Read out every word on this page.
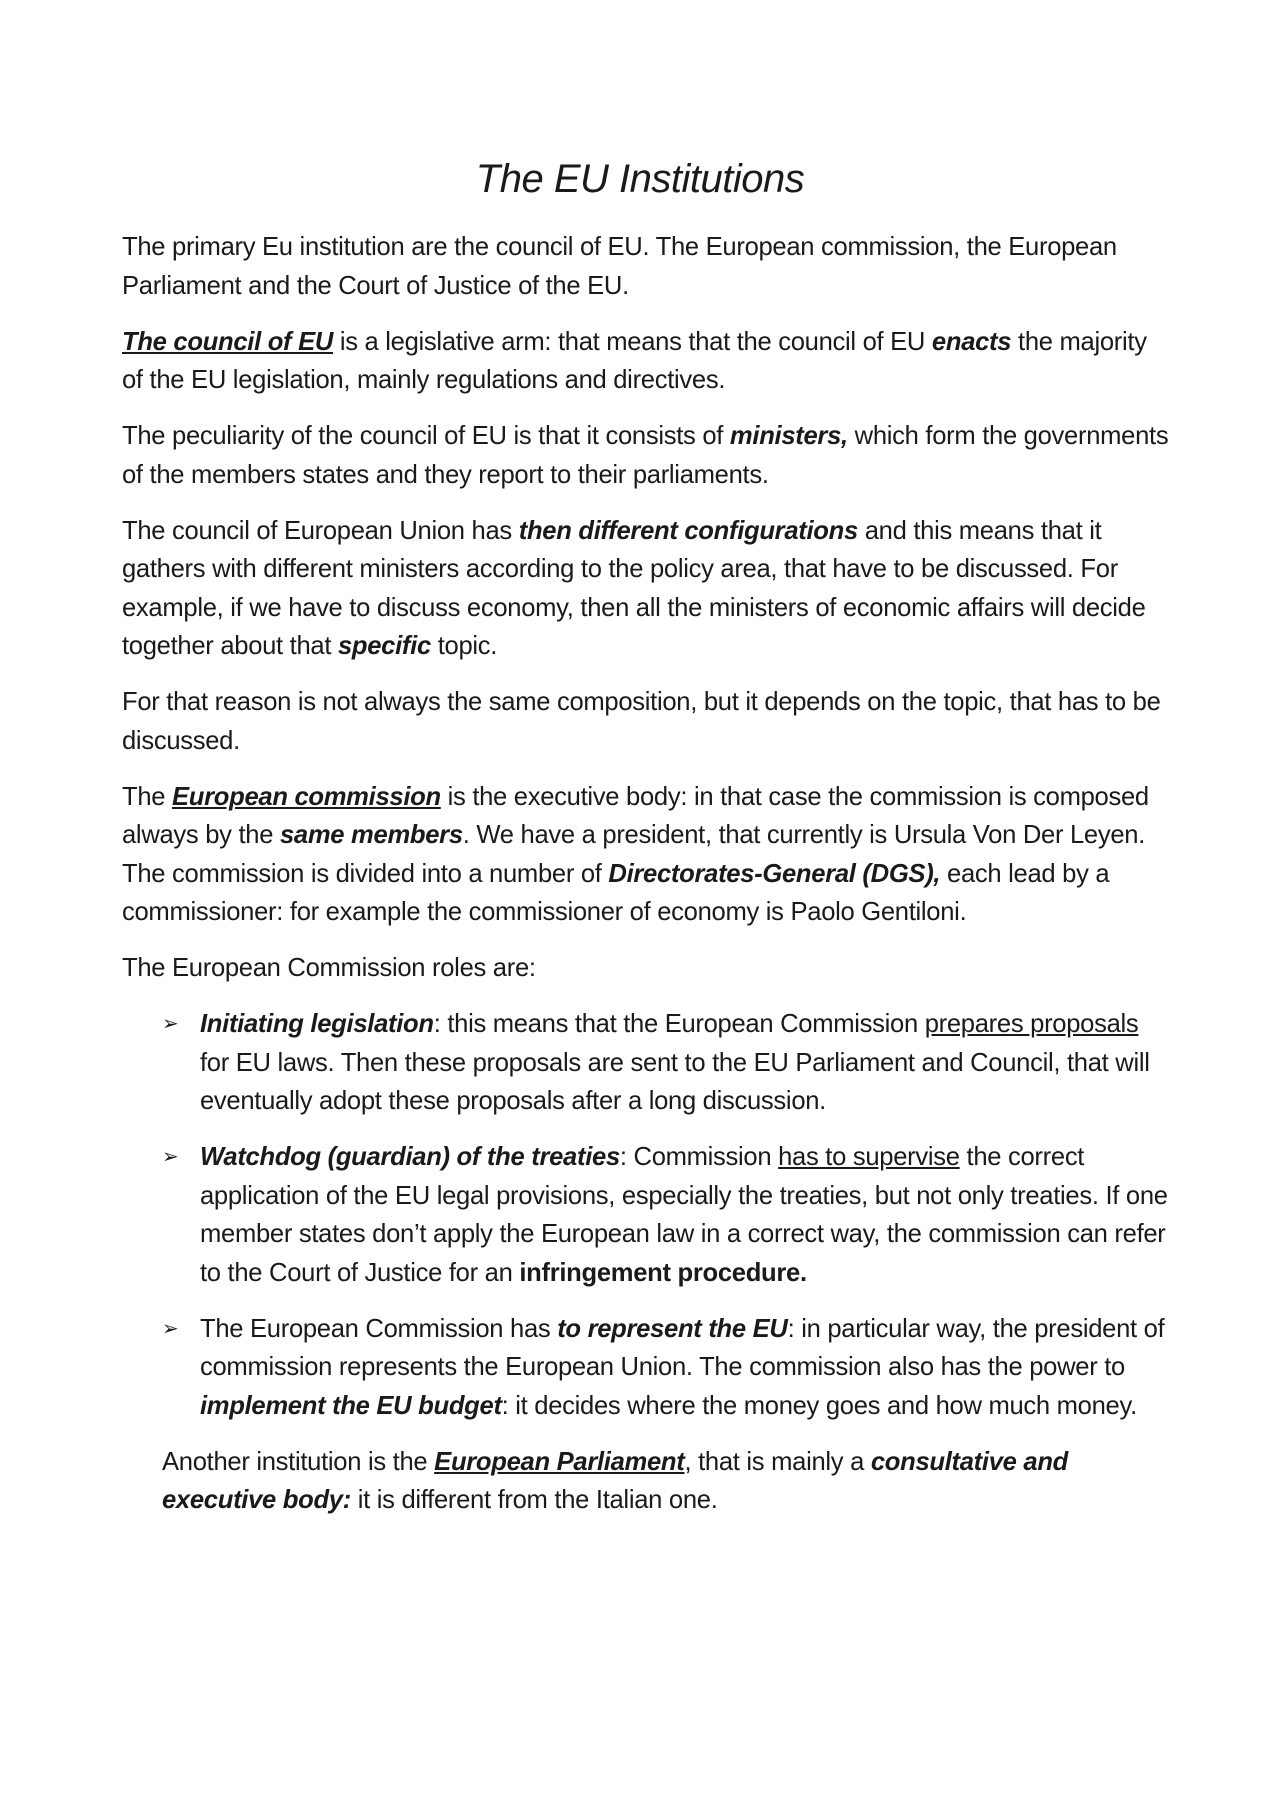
The EU Institutions

The primary Eu institution are the council of EU. The European commission, the European Parliament and the Court of Justice of the EU.

The council of EU is a legislative arm: that means that the council of EU enacts the majority of the EU legislation, mainly regulations and directives.

The peculiarity of the council of EU is that it consists of ministers, which form the governments of the members states and they report to their parliaments.

The council of European Union has then different configurations and this means that it gathers with different ministers according to the policy area, that have to be discussed. For example, if we have to discuss economy, then all the ministers of economic affairs will decide together about that specific topic.

For that reason is not always the same composition, but it depends on the topic, that has to be discussed.

The European commission is the executive body: in that case the commission is composed always by the same members. We have a president, that currently is Ursula Von Der Leyen. The commission is divided into a number of Directorates-General (DGS), each lead by a commissioner: for example the commissioner of economy is Paolo Gentiloni.

The European Commission roles are:

➢ Initiating legislation: this means that the European Commission prepares proposals for EU laws. Then these proposals are sent to the EU Parliament and Council, that will eventually adopt these proposals after a long discussion.
➢ Watchdog (guardian) of the treaties: Commission has to supervise the correct application of the EU legal provisions, especially the treaties, but not only treaties. If one member states don’t apply the European law in a correct way, the commission can refer to the Court of Justice for an infringement procedure.
➢ The European Commission has to represent the EU: in particular way, the president of commission represents the European Union. The commission also has the power to implement the EU budget: it decides where the money goes and how much money.

Another institution is the European Parliament, that is mainly a consultative and executive body: it is different from the Italian one.
